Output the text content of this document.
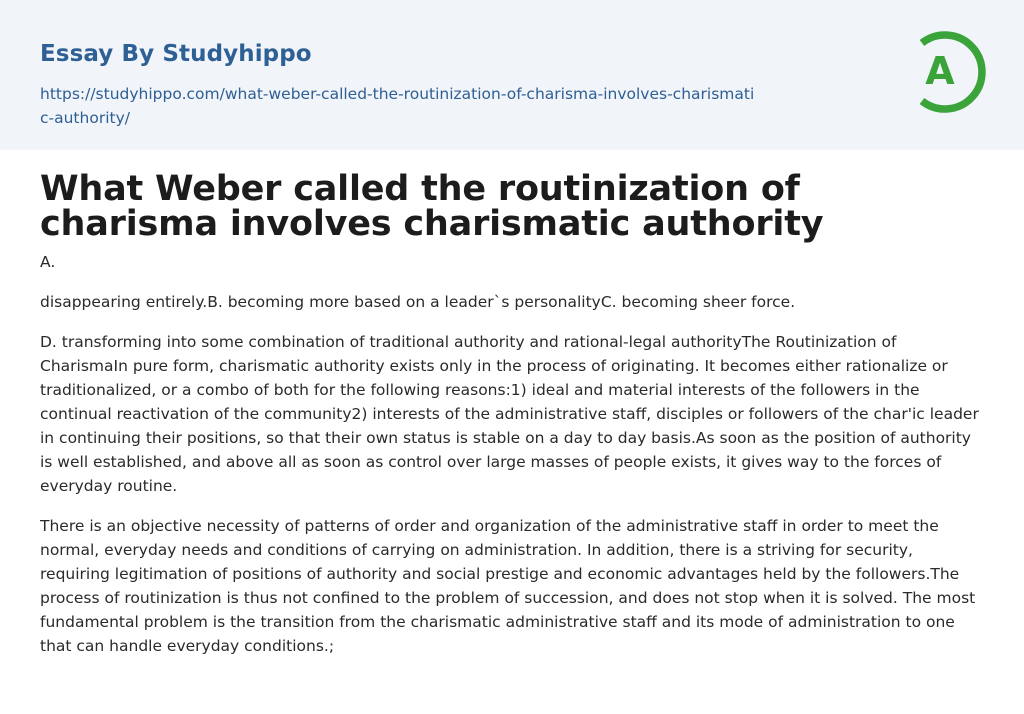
Essay By Studyhippo
https://studyhippo.com/what-weber-called-the-routinization-of-charisma-involves-charismatic-authority/
A
What Weber called the routinization of charisma involves charismatic authority

A.

disappearing entirely.B. becoming more based on a leader`s personalityC. becoming sheer force.

D. transforming into some combination of traditional authority and rational-legal authorityThe Routinization of CharismaIn pure form, charismatic authority exists only in the process of originating. It becomes either rationalize or traditionalized, or a combo of both for the following reasons:1) ideal and material interests of the followers in the continual reactivation of the community2) interests of the administrative staff, disciples or followers of the char'ic leader in continuing their positions, so that their own status is stable on a day to day basis.As soon as the position of authority is well established, and above all as soon as control over large masses of people exists, it gives way to the forces of everyday routine.

There is an objective necessity of patterns of order and organization of the administrative staff in order to meet the normal, everyday needs and conditions of carrying on administration. In addition, there is a striving for security, requiring legitimation of positions of authority and social prestige and economic advantages held by the followers.The process of routinization is thus not confined to the problem of succession, and does not stop when it is solved. The most fundamental problem is the transition from the charismatic administrative staff and its mode of administration to one that can handle everyday conditions.;
